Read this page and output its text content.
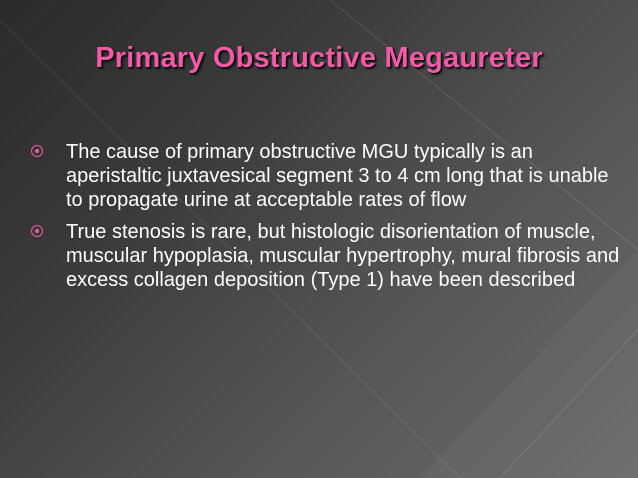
Primary Obstructive Megaureter
The cause of primary obstructive MGU typically is an aperistaltic juxtavesical segment 3 to 4 cm long that is unable to propagate urine at acceptable rates of flow
True stenosis is rare, but histologic disorientation of muscle, muscular hypoplasia, muscular hypertrophy, mural fibrosis and excess collagen deposition (Type 1) have been described
